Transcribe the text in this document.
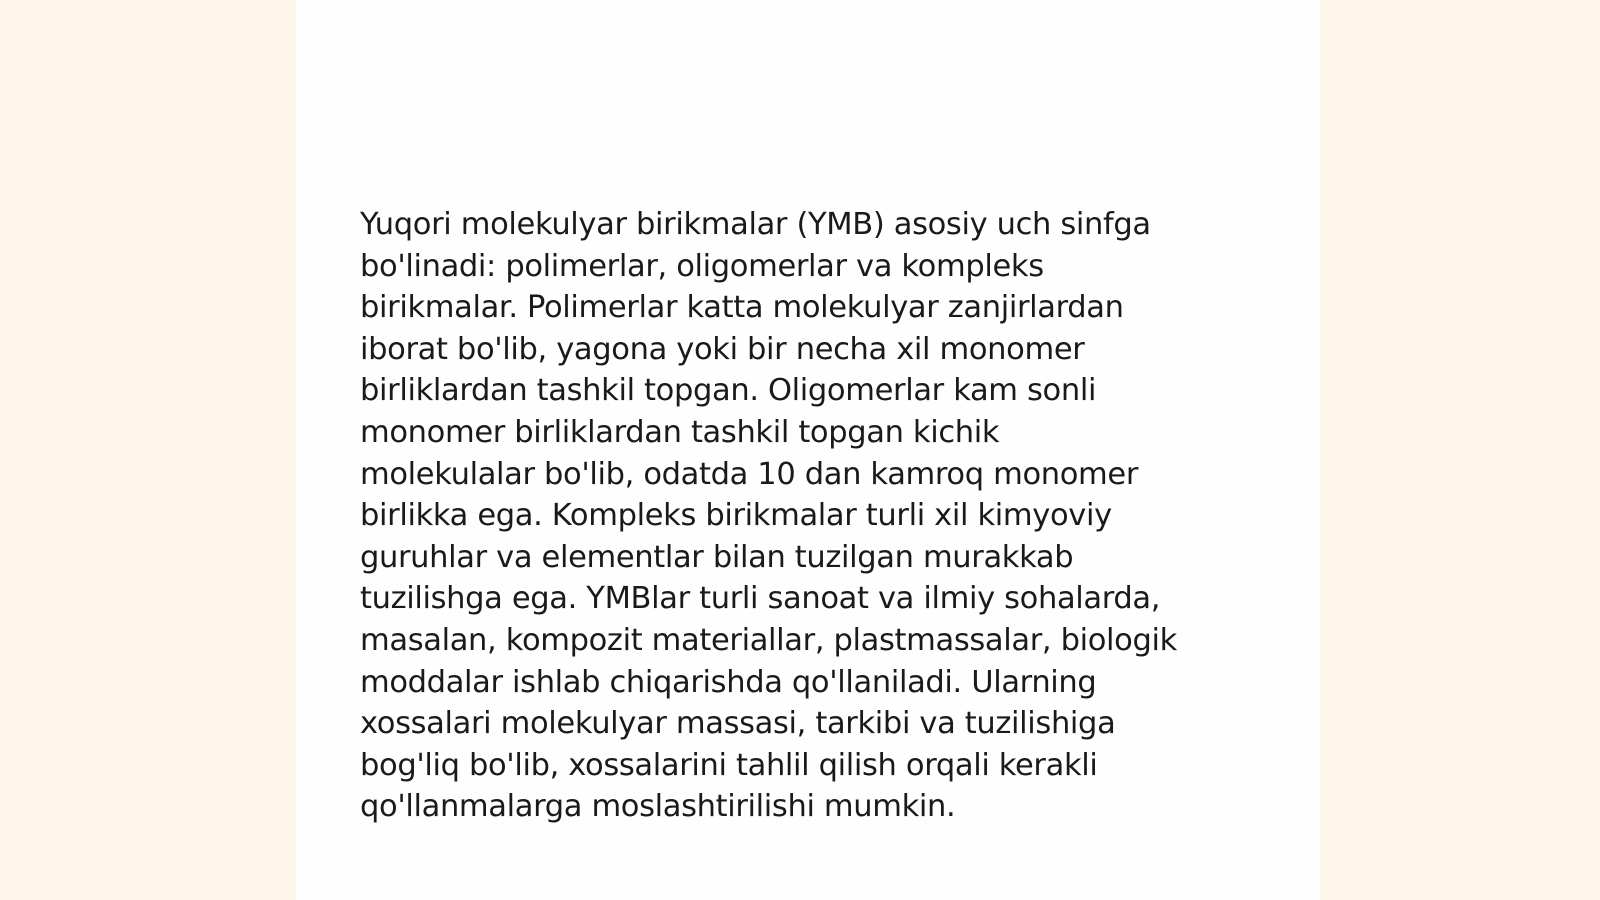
Yuqori molekulyar birikmalar (YMB) asosiy uch sinfga
bo'linadi: polimerlar, oligomerlar va kompleks
birikmalar. Polimerlar katta molekulyar zanjirlardan
iborat bo'lib, yagona yoki bir necha xil monomer
birliklardan tashkil topgan. Oligomerlar kam sonli
monomer birliklardan tashkil topgan kichik
molekulalar bo'lib, odatda 10 dan kamroq monomer
birlikka ega. Kompleks birikmalar turli xil kimyoviy
guruhlar va elementlar bilan tuzilgan murakkab
tuzilishga ega. YMBlar turli sanoat va ilmiy sohalarda,
masalan, kompozit materiallar, plastmassalar, biologik
moddalar ishlab chiqarishda qo'llaniladi. Ularning
xossalari molekulyar massasi, tarkibi va tuzilishiga
bog'liq bo'lib, xossalarini tahlil qilish orqali kerakli
qo'llanmalarga moslashtirilishi mumkin.
